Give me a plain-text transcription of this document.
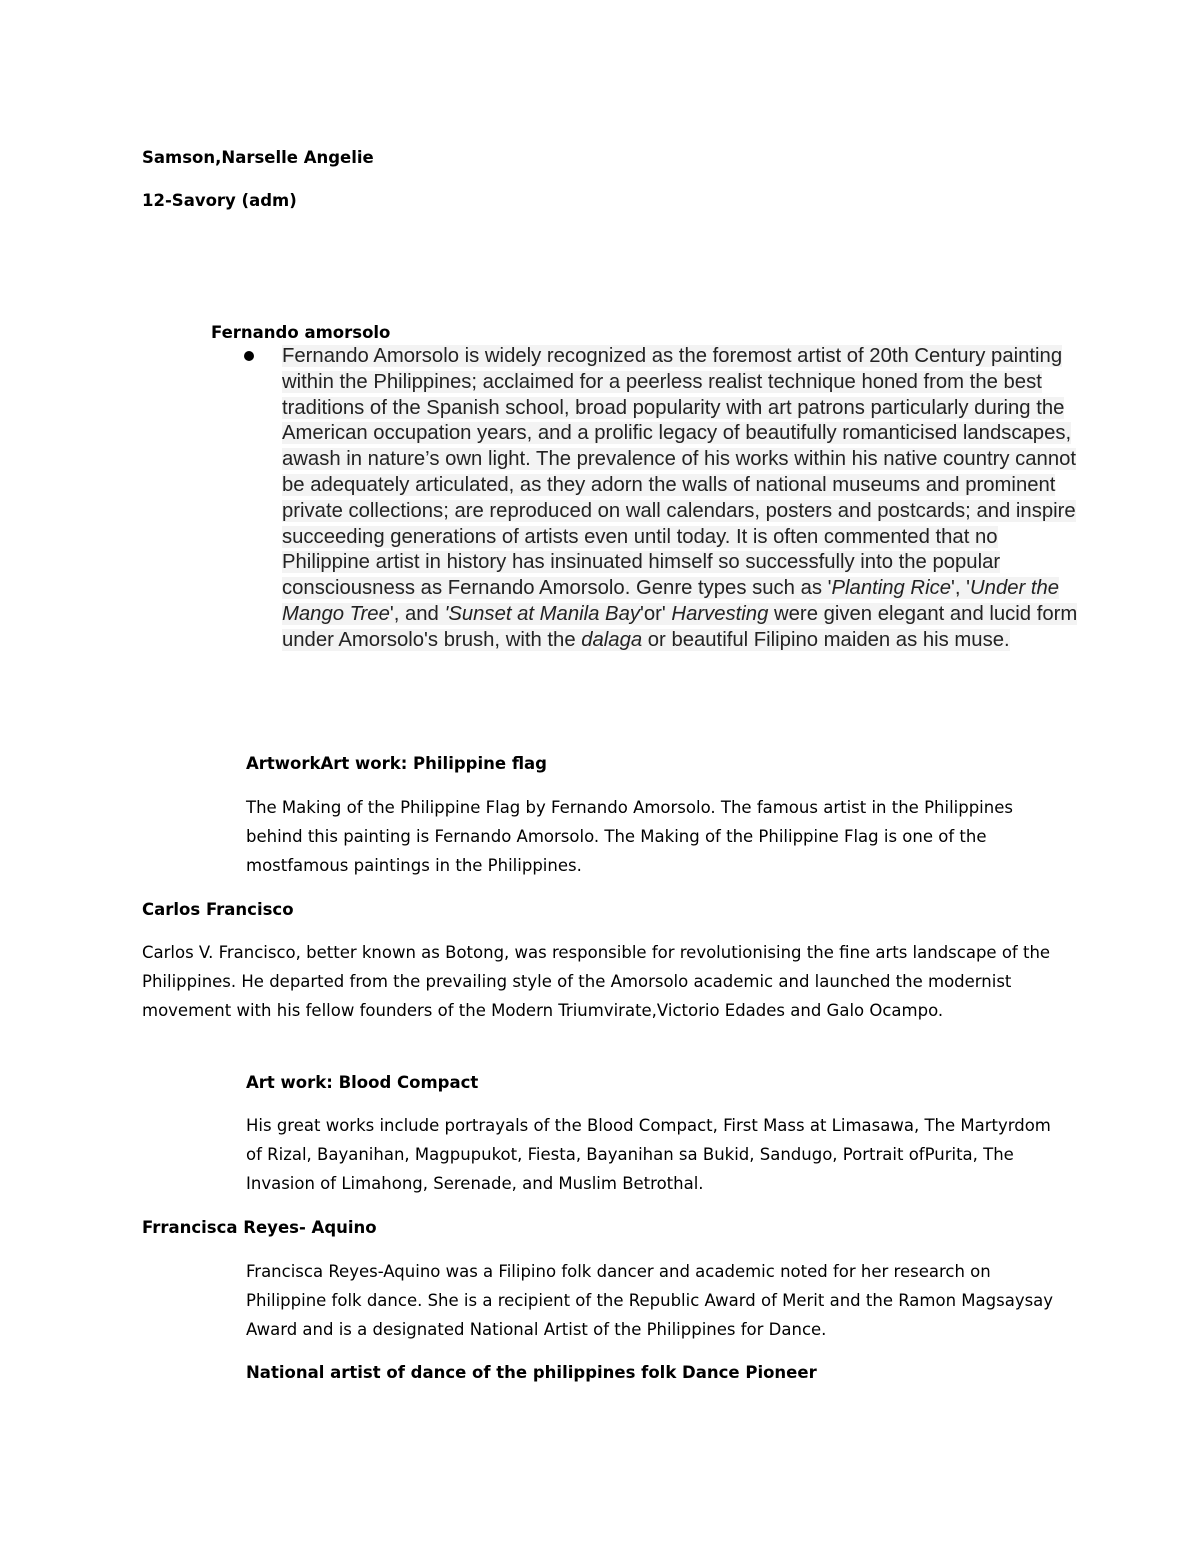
Samson,Narselle Angelie

12-Savory (adm)

Fernando amorsolo

Fernando Amorsolo is widely recognized as the foremost artist of 20th Century painting within the Philippines; acclaimed for a peerless realist technique honed from the best traditions of the Spanish school, broad popularity with art patrons particularly during the American occupation years, and a prolific legacy of beautifully romanticised landscapes, awash in nature’s own light. The prevalence of his works within his native country cannot be adequately articulated, as they adorn the walls of national museums and prominent private collections; are reproduced on wall calendars, posters and postcards; and inspire succeeding generations of artists even until today. It is often commented that no Philippine artist in history has insinuated himself so successfully into the popular consciousness as Fernando Amorsolo. Genre types such as 'Planting Rice', 'Under the Mango Tree', and 'Sunset at Manila Bay'or' Harvesting were given elegant and lucid form under Amorsolo's brush, with the dalaga or beautiful Filipino maiden as his muse.

ArtworkArt work: Philippine flag

The Making of the Philippine Flag by Fernando Amorsolo. The famous artist in the Philippines behind this painting is Fernando Amorsolo. The Making of the Philippine Flag is one of the mostfamous paintings in the Philippines.

Carlos Francisco

Carlos V. Francisco, better known as Botong, was responsible for revolutionising the fine arts landscape of the Philippines. He departed from the prevailing style of the Amorsolo academic and launched the modernist movement with his fellow founders of the Modern Triumvirate,Victorio Edades and Galo Ocampo.

Art work: Blood Compact

His great works include portrayals of the Blood Compact, First Mass at Limasawa, The Martyrdom of Rizal, Bayanihan, Magpupukot, Fiesta, Bayanihan sa Bukid, Sandugo, Portrait ofPurita, The Invasion of Limahong, Serenade, and Muslim Betrothal.

Frrancisca Reyes- Aquino

Francisca Reyes-Aquino was a Filipino folk dancer and academic noted for her research on Philippine folk dance. She is a recipient of the Republic Award of Merit and the Ramon Magsaysay Award and is a designated National Artist of the Philippines for Dance.

National artist of dance of the philippines folk Dance Pioneer
